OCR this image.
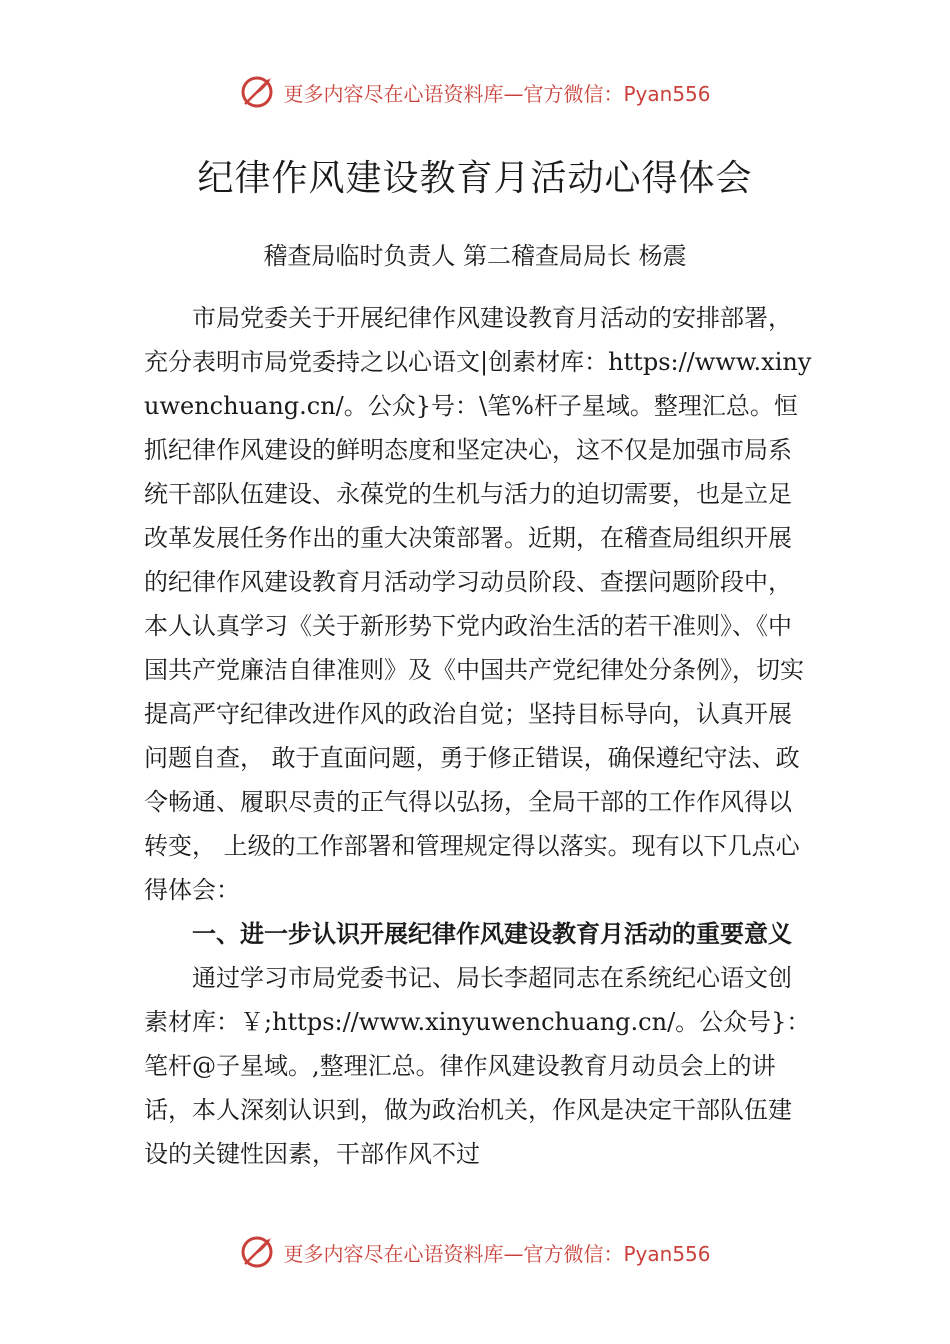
更多内容尽在心语资料库—官方微信：Pyan556
纪律作风建设教育月活动心得体会

稽查局临时负责人 第二稽查局局长 杨震

市局党委关于开展纪律作风建设教育月活动的安排部署，充分表明市局党委持之以心语文|创素材库：https://www.xinyuwenchuang.cn/。公众}号：\笔%杆子星域。整理汇总。恒抓纪律作风建设的鲜明态度和坚定决心，这不仅是加强市局系统干部队伍建设、永葆党的生机与活力的迫切需要，也是立足改革发展任务作出的重大决策部署。近期，在稽查局组织开展的纪律作风建设教育月活动学习动员阶段、查摆问题阶段中，本人认真学习《关于新形势下党内政治生活的若干准则》、《中国共产党廉洁自律准则》及《中国共产党纪律处分条例》，切实提高严守纪律改进作风的政治自觉；坚持目标导向，认真开展问题自查， 敢于直面问题，勇于修正错误，确保遵纪守法、政令畅通、履职尽责的正气得以弘扬，全局干部的工作作风得以转变， 上级的工作部署和管理规定得以落实。现有以下几点心得体会：

一、进一步认识开展纪律作风建设教育月活动的重要意义

通过学习市局党委书记、局长李超同志在系统纪心语文创素材库：￥;https://www.xinyuwenchuang.cn/。公众号}：笔杆@子星域。,整理汇总。律作风建设教育月动员会上的讲话，本人深刻认识到，做为政治机关，作风是决定干部队伍建设的关键性因素，干部作风不过

更多内容尽在心语资料库—官方微信：Pyan556
